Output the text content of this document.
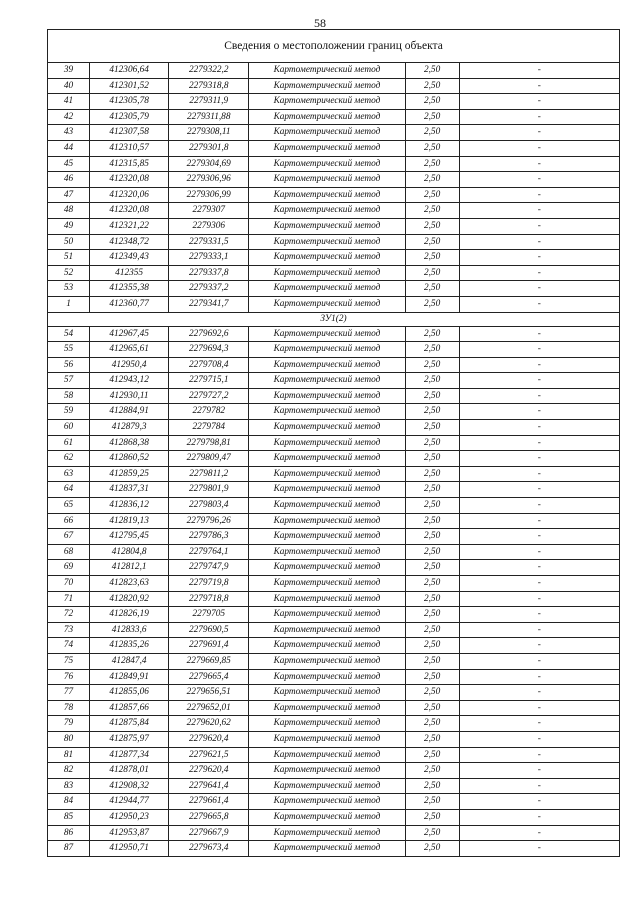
58
Сведения о местоположении границ объекта					
39	412306,64	2279322,2	Картометрический метод	2,50	-
40	412301,52	2279318,8	Картометрический метод	2,50	-
41	412305,78	2279311,9	Картометрический метод	2,50	-
42	412305,79	2279311,88	Картометрический метод	2,50	-
43	412307,58	2279308,11	Картометрический метод	2,50	-
44	412310,57	2279301,8	Картометрический метод	2,50	-
45	412315,85	2279304,69	Картометрический метод	2,50	-
46	412320,08	2279306,96	Картометрический метод	2,50	-
47	412320,06	2279306,99	Картометрический метод	2,50	-
48	412320,08	2279307	Картометрический метод	2,50	-
49	412321,22	2279306	Картометрический метод	2,50	-
50	412348,72	2279331,5	Картометрический метод	2,50	-
51	412349,43	2279333,1	Картометрический метод	2,50	-
52	412355	2279337,8	Картометрический метод	2,50	-
53	412355,38	2279337,2	Картометрический метод	2,50	-
1	412360,77	2279341,7	Картометрический метод	2,50	-
ЗУ1(2)					
54	412967,45	2279692,6	Картометрический метод	2,50	-
55	412965,61	2279694,3	Картометрический метод	2,50	-
56	412950,4	2279708,4	Картометрический метод	2,50	-
57	412943,12	2279715,1	Картометрический метод	2,50	-
58	412930,11	2279727,2	Картометрический метод	2,50	-
59	412884,91	2279782	Картометрический метод	2,50	-
60	412879,3	2279784	Картометрический метод	2,50	-
61	412868,38	2279798,81	Картометрический метод	2,50	-
62	412860,52	2279809,47	Картометрический метод	2,50	-
63	412859,25	2279811,2	Картометрический метод	2,50	-
64	412837,31	2279801,9	Картометрический метод	2,50	-
65	412836,12	2279803,4	Картометрический метод	2,50	-
66	412819,13	2279796,26	Картометрический метод	2,50	-
67	412795,45	2279786,3	Картометрический метод	2,50	-
68	412804,8	2279764,1	Картометрический метод	2,50	-
69	412812,1	2279747,9	Картометрический метод	2,50	-
70	412823,63	2279719,8	Картометрический метод	2,50	-
71	412820,92	2279718,8	Картометрический метод	2,50	-
72	412826,19	2279705	Картометрический метод	2,50	-
73	412833,6	2279690,5	Картометрический метод	2,50	-
74	412835,26	2279691,4	Картометрический метод	2,50	-
75	412847,4	2279669,85	Картометрический метод	2,50	-
76	412849,91	2279665,4	Картометрический метод	2,50	-
77	412855,06	2279656,51	Картометрический метод	2,50	-
78	412857,66	2279652,01	Картометрический метод	2,50	-
79	412875,84	2279620,62	Картометрический метод	2,50	-
80	412875,97	2279620,4	Картометрический метод	2,50	-
81	412877,34	2279621,5	Картометрический метод	2,50	-
82	412878,01	2279620,4	Картометрический метод	2,50	-
83	412908,32	2279641,4	Картометрический метод	2,50	-
84	412944,77	2279661,4	Картометрический метод	2,50	-
85	412950,23	2279665,8	Картометрический метод	2,50	-
86	412953,87	2279667,9	Картометрический метод	2,50	-
87	412950,71	2279673,4	Картометрический метод	2,50	-
